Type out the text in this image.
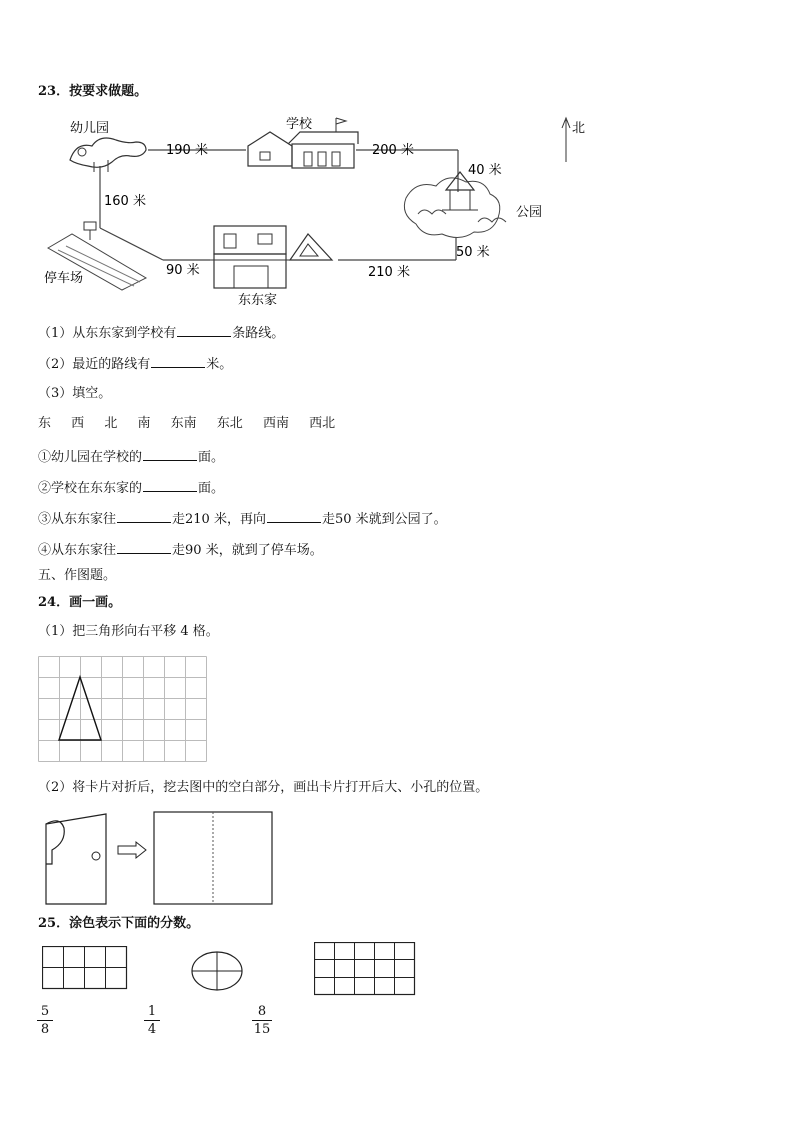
23．按要求做题。
幼儿园	学校	北
190 米	200 米
40 米
公园
160 米
50 米
90 米	210 米
停车场
东东家
（1）从东东家到学校有	条路线。
（2）最近的路线有	米。
（3）填空。
东 西 北 南 东南 东北 西南 西北
①幼儿园在学校的	面。
②学校在东东家的	面。
③从东东家往	走210 米，再向	走50 米就到公园了。
④从东东家往	走90 米，就到了停车场。
五、作图题。
24．画一画。
（1）把三角形向右平移 4 格。
（2）将卡片对折后，挖去图中的空白部分，画出卡片打开后大、小孔的位置。
25．涂色表示下面的分数。
5
8
1
4
8
15
